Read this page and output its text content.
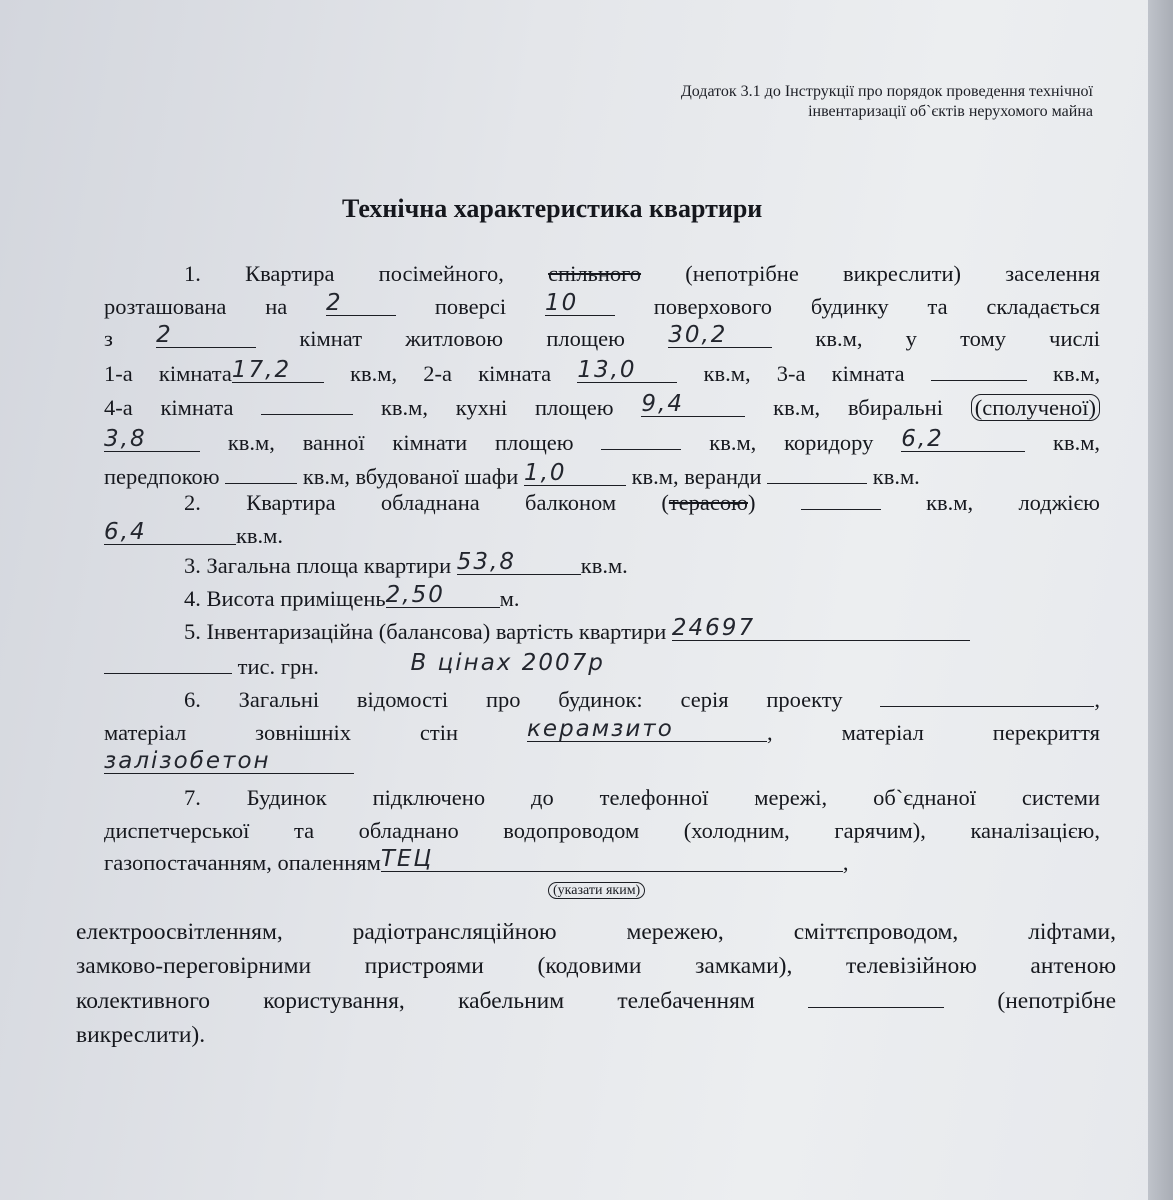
Додаток 3.1 до Інструкції про порядок проведення технічної
інвентаризації об`єктів нерухомого майна
Технічна характеристика квартири
1. Квартира посімейного, спільного (непотрібне викреслити) заселення
розташована на 2	поверсі 10	поверхового будинку та складається
з 2	кімнат житловою площею 30,2	кв.м, у тому числі
1-а кімната17,2	кв.м, 2-а кімната 13,0	кв.м, 3-а кімната	кв.м,
4-а кімната	кв.м, кухні площею 9,4	кв.м, вбиральні (сполученої)
3,8	кв.м, ванної кімнати площею	кв.м, коридору 6,2	кв.м,
передпокою	кв.м, вбудованої шафи 1,0	кв.м, веранди	кв.м.
2. Квартира обладнана балконом (терасою)	кв.м, лоджією
6,4	кв.м.
3. Загальна площа квартири 53,8	кв.м.
4. Висота приміщень2,50 м.
5. Інвентаризаційна (балансова) вартість квартири 24697
тис. грн.	В цінах 2007р
6. Загальні відомості про будинок: серія проекту	,
матеріал зовнішніх стін	керамзито	, матеріал перекриття
залізобетон
7. Будинок підключено до телефонної мережі, об`єднаної системи
диспетчерської та обладнано водопроводом (холодним, гарячим), каналізацією,
газопостачанням, опаленнямТЕЦ	,
(указати яким)
електроосвітленням, радіотрансляційною мережею, сміттєпроводом, ліфтами,
замково-переговірними пристроями (кодовими замками), телевізійною антеною
колективного користування, кабельним телебаченням	(непотрібне
викреслити).
